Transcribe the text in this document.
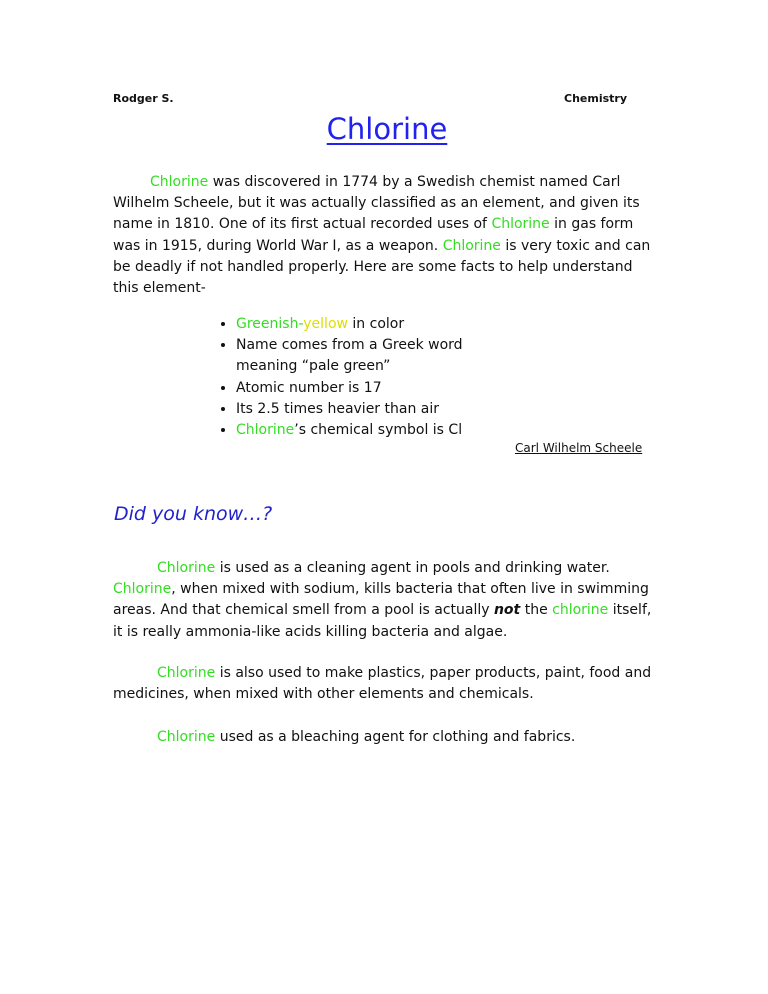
Rodger S.	Chemistry
Chlorine

Chlorine was discovered in 1774 by a Swedish chemist named Carl Wilhelm Scheele, but it was actually classified as an element, and given its name in 1810. One of its first actual recorded uses of Chlorine in gas form was in 1915, during World War I, as a weapon. Chlorine is very toxic and can be deadly if not handled properly. Here are some facts to help understand this element-

• Greenish-yellow in color
• Name comes from a Greek word meaning “pale green”
• Atomic number is 17
• Its 2.5 times heavier than air
• Chlorine’s chemical symbol is Cl
Carl Wilhelm Scheele
Did you know…?

Chlorine is used as a cleaning agent in pools and drinking water. Chlorine, when mixed with sodium, kills bacteria that often live in swimming areas. And that chemical smell from a pool is actually not the chlorine itself, it is really ammonia-like acids killing bacteria and algae.

Chlorine is also used to make plastics, paper products, paint, food and medicines, when mixed with other elements and chemicals.

Chlorine used as a bleaching agent for clothing and fabrics.
